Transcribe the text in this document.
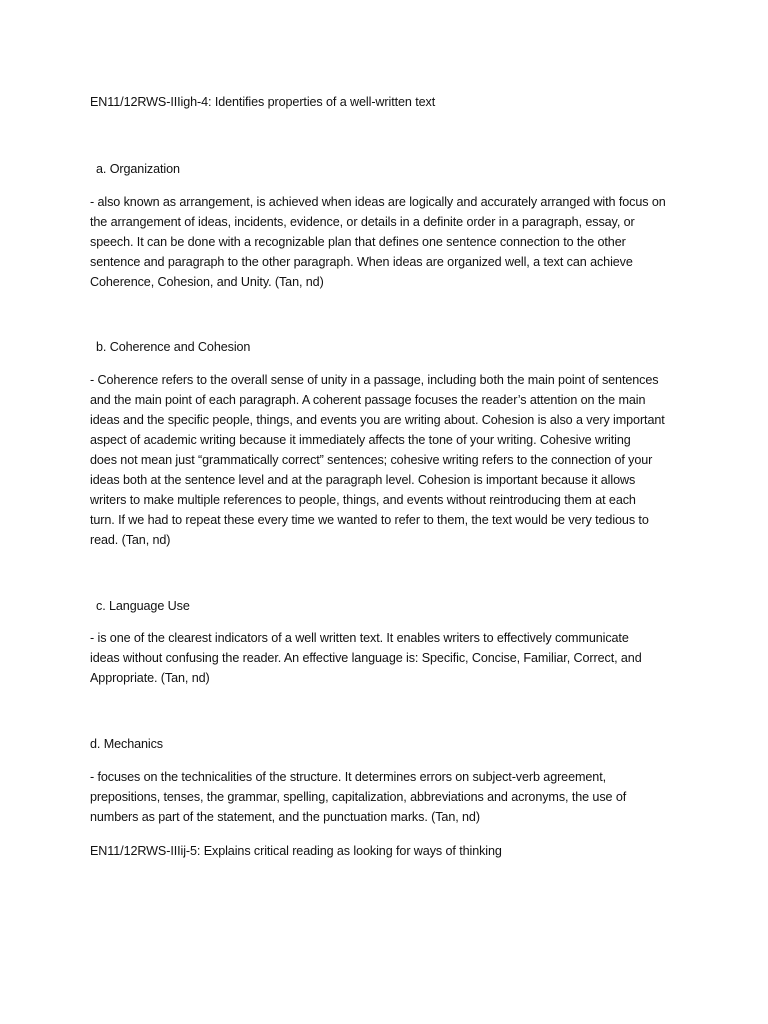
EN11/12RWS-IIIigh-4: Identifies properties of a well-written text
a. Organization
- also known as arrangement, is achieved when ideas are logically and accurately arranged with focus on
the arrangement of ideas, incidents, evidence, or details in a definite order in a paragraph, essay, or
speech. It can be done with a recognizable plan that defines one sentence connection to the other
sentence and paragraph to the other paragraph. When ideas are organized well, a text can achieve
Coherence, Cohesion, and Unity. (Tan, nd)
b. Coherence and Cohesion
- Coherence refers to the overall sense of unity in a passage, including both the main point of sentences
and the main point of each paragraph. A coherent passage focuses the reader’s attention on the main
ideas and the specific people, things, and events you are writing about. Cohesion is also a very important
aspect of academic writing because it immediately affects the tone of your writing. Cohesive writing
does not mean just “grammatically correct” sentences; cohesive writing refers to the connection of your
ideas both at the sentence level and at the paragraph level. Cohesion is important because it allows
writers to make multiple references to people, things, and events without reintroducing them at each
turn. If we had to repeat these every time we wanted to refer to them, the text would be very tedious to
read. (Tan, nd)
c. Language Use
- is one of the clearest indicators of a well written text. It enables writers to effectively communicate
ideas without confusing the reader. An effective language is: Specific, Concise, Familiar, Correct, and
Appropriate. (Tan, nd)
d. Mechanics
- focuses on the technicalities of the structure. It determines errors on subject-verb agreement,
prepositions, tenses, the grammar, spelling, capitalization, abbreviations and acronyms, the use of
numbers as part of the statement, and the punctuation marks. (Tan, nd)
EN11/12RWS-IIIij-5: Explains critical reading as looking for ways of thinking
